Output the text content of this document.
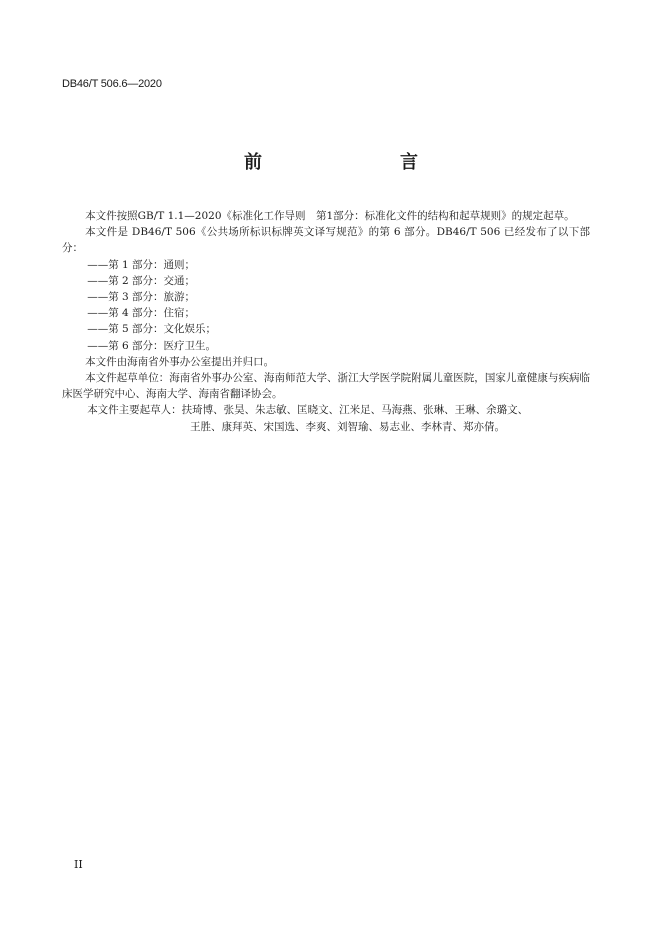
DB46/T 506.6—2020
前　　言

本文件按照GB/T 1.1—2020《标准化工作导则　第1部分：标准化文件的结构和起草规则》的规定起草。

本文件是 DB46/T 506《公共场所标识标牌英文译写规范》的第 6 部分。DB46/T 506 已经发布了以下部分：

——第 1 部分：通则；

——第 2 部分：交通；

——第 3 部分：旅游；

——第 4 部分：住宿；

——第 5 部分：文化娱乐；

——第 6 部分：医疗卫生。

本文件由海南省外事办公室提出并归口。

本文件起草单位：海南省外事办公室、海南师范大学、浙江大学医学院附属儿童医院，国家儿童健康与疾病临床医学研究中心、海南大学、海南省翻译协会。

本文件主要起草人：扶琦博、张昊、朱志敏、匡晓文、江米足、马海燕、张琳、王琳、余璐文、

王胜、康拜英、宋国选、李爽、刘智瑜、易志业、李林青、郑亦倩。

II
